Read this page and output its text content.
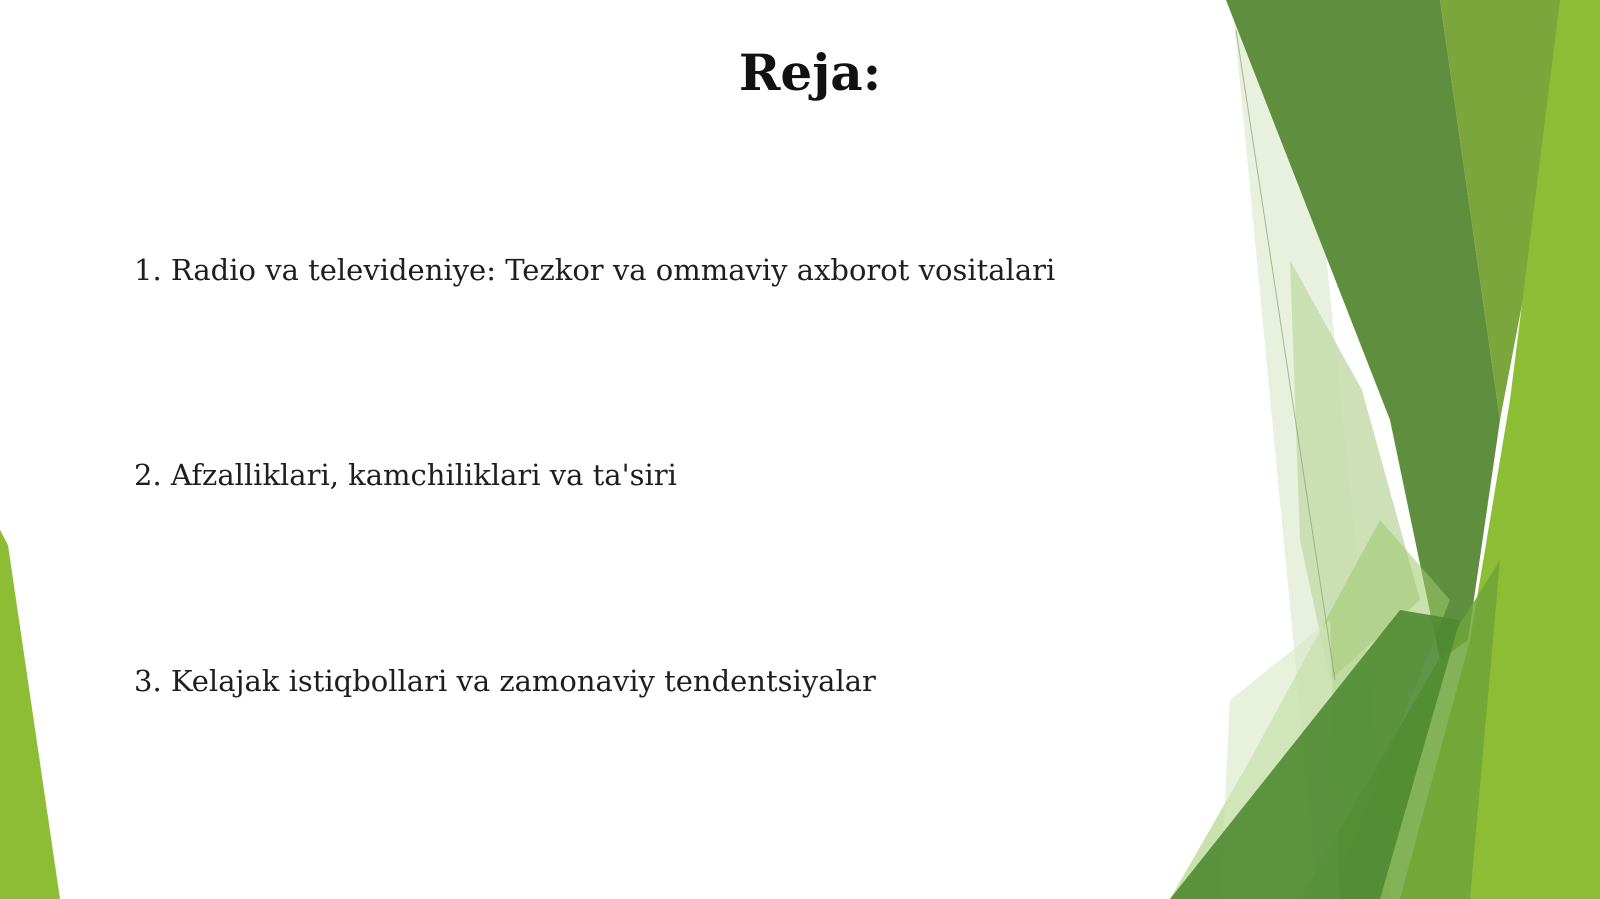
Reja:

1. Radio va televideniye: Tezkor va ommaviy axborot vositalari

2. Afzalliklari, kamchiliklari va ta'siri

3. Kelajak istiqbollari va zamonaviy tendentsiyalar
